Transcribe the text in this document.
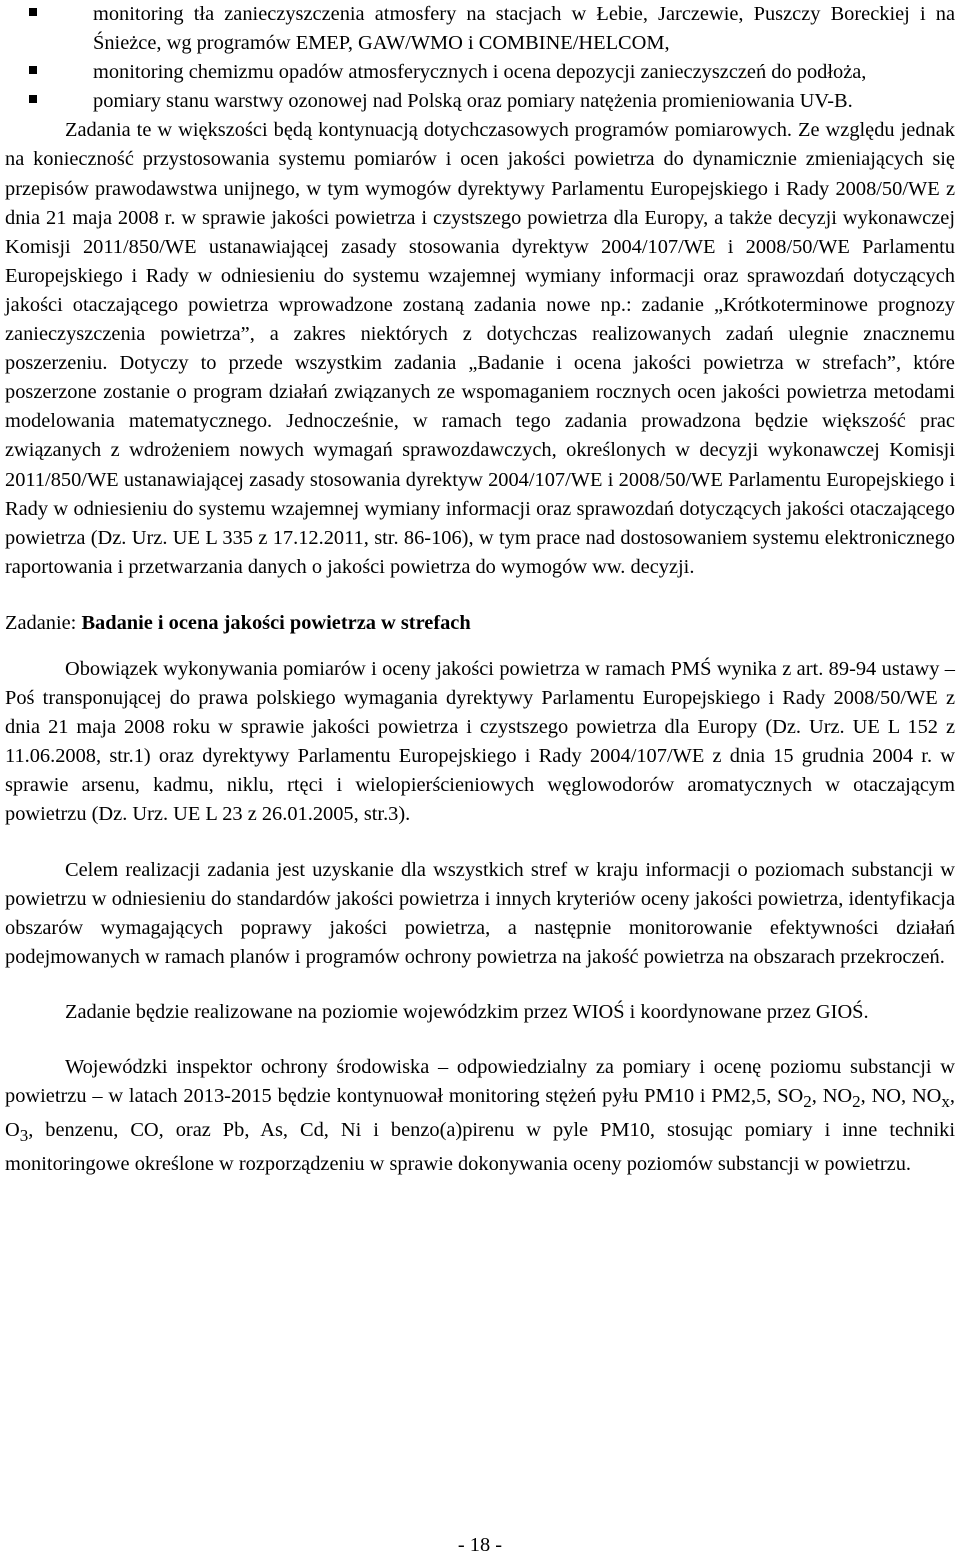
monitoring tła zanieczyszczenia atmosfery na stacjach w Łebie, Jarczewie, Puszczy Boreckiej i na Śnieżce, wg programów EMEP, GAW/WMO i COMBINE/HELCOM,
monitoring chemizmu opadów atmosferycznych i ocena depozycji zanieczyszczeń do podłoża,
pomiary stanu warstwy ozonowej nad Polską oraz pomiary natężenia promieniowania UV-B.

Zadania te w większości będą kontynuacją dotychczasowych programów pomiarowych. Ze względu jednak na konieczność przystosowania systemu pomiarów i ocen jakości powietrza do dynamicznie zmieniających się przepisów prawodawstwa unijnego, w tym wymogów dyrektywy Parlamentu Europejskiego i Rady 2008/50/WE z dnia 21 maja 2008 r. w sprawie jakości powietrza i czystszego powietrza dla Europy, a także decyzji wykonawczej Komisji 2011/850/WE ustanawiającej zasady stosowania dyrektyw 2004/107/WE i 2008/50/WE Parlamentu Europejskiego i Rady w odniesieniu do systemu wzajemnej wymiany informacji oraz sprawozdań dotyczących jakości otaczającego powietrza wprowadzone zostaną zadania nowe np.: zadanie „Krótkoterminowe prognozy zanieczyszczenia powietrza”, a zakres niektórych z dotychczas realizowanych zadań ulegnie znacznemu poszerzeniu. Dotyczy to przede wszystkim zadania „Badanie i ocena jakości powietrza w strefach”, które poszerzone zostanie o program działań związanych ze wspomaganiem rocznych ocen jakości powietrza metodami modelowania matematycznego. Jednocześnie, w ramach tego zadania prowadzona będzie większość prac związanych z wdrożeniem nowych wymagań sprawozdawczych, określonych w decyzji wykonawczej Komisji 2011/850/WE ustanawiającej zasady stosowania dyrektyw 2004/107/WE i 2008/50/WE Parlamentu Europejskiego i Rady w odniesieniu do systemu wzajemnej wymiany informacji oraz sprawozdań dotyczących jakości otaczającego powietrza (Dz. Urz. UE L 335 z 17.12.2011, str. 86-106), w tym prace nad dostosowaniem systemu elektronicznego raportowania i przetwarzania danych o jakości powietrza do wymogów ww. decyzji.

Zadanie: Badanie i ocena jakości powietrza w strefach

Obowiązek wykonywania pomiarów i oceny jakości powietrza w ramach PMŚ wynika z art. 89-94 ustawy – Poś transponującej do prawa polskiego wymagania dyrektywy Parlamentu Europejskiego i Rady 2008/50/WE z dnia 21 maja 2008 roku w sprawie jakości powietrza i czystszego powietrza dla Europy (Dz. Urz. UE L 152 z 11.06.2008, str.1) oraz dyrektywy Parlamentu Europejskiego i Rady 2004/107/WE z dnia 15 grudnia 2004 r. w sprawie arsenu, kadmu, niklu, rtęci i wielopierścieniowych węglowodorów aromatycznych w otaczającym powietrzu (Dz. Urz. UE L 23 z 26.01.2005, str.3).

Celem realizacji zadania jest uzyskanie dla wszystkich stref w kraju informacji o poziomach substancji w powietrzu w odniesieniu do standardów jakości powietrza i innych kryteriów oceny jakości powietrza, identyfikacja obszarów wymagających poprawy jakości powietrza, a następnie monitorowanie efektywności działań podejmowanych w ramach planów i programów ochrony powietrza na jakość powietrza na obszarach przekroczeń.

Zadanie będzie realizowane na poziomie wojewódzkim przez WIOŚ i koordynowane przez GIOŚ.

Wojewódzki inspektor ochrony środowiska – odpowiedzialny za pomiary i ocenę poziomu substancji w powietrzu – w latach 2013-2015 będzie kontynuował monitoring stężeń pyłu PM10 i PM2,5, $SO_2$, $NO_2$, NO, $NO_x$, $O_3$, benzenu, CO, oraz Pb, As, Cd, Ni i benzo(a)pirenu w pyle PM10, stosując pomiary i inne techniki monitoringowe określone w rozporządzeniu w sprawie dokonywania oceny poziomów substancji w powietrzu.

- 18 -
